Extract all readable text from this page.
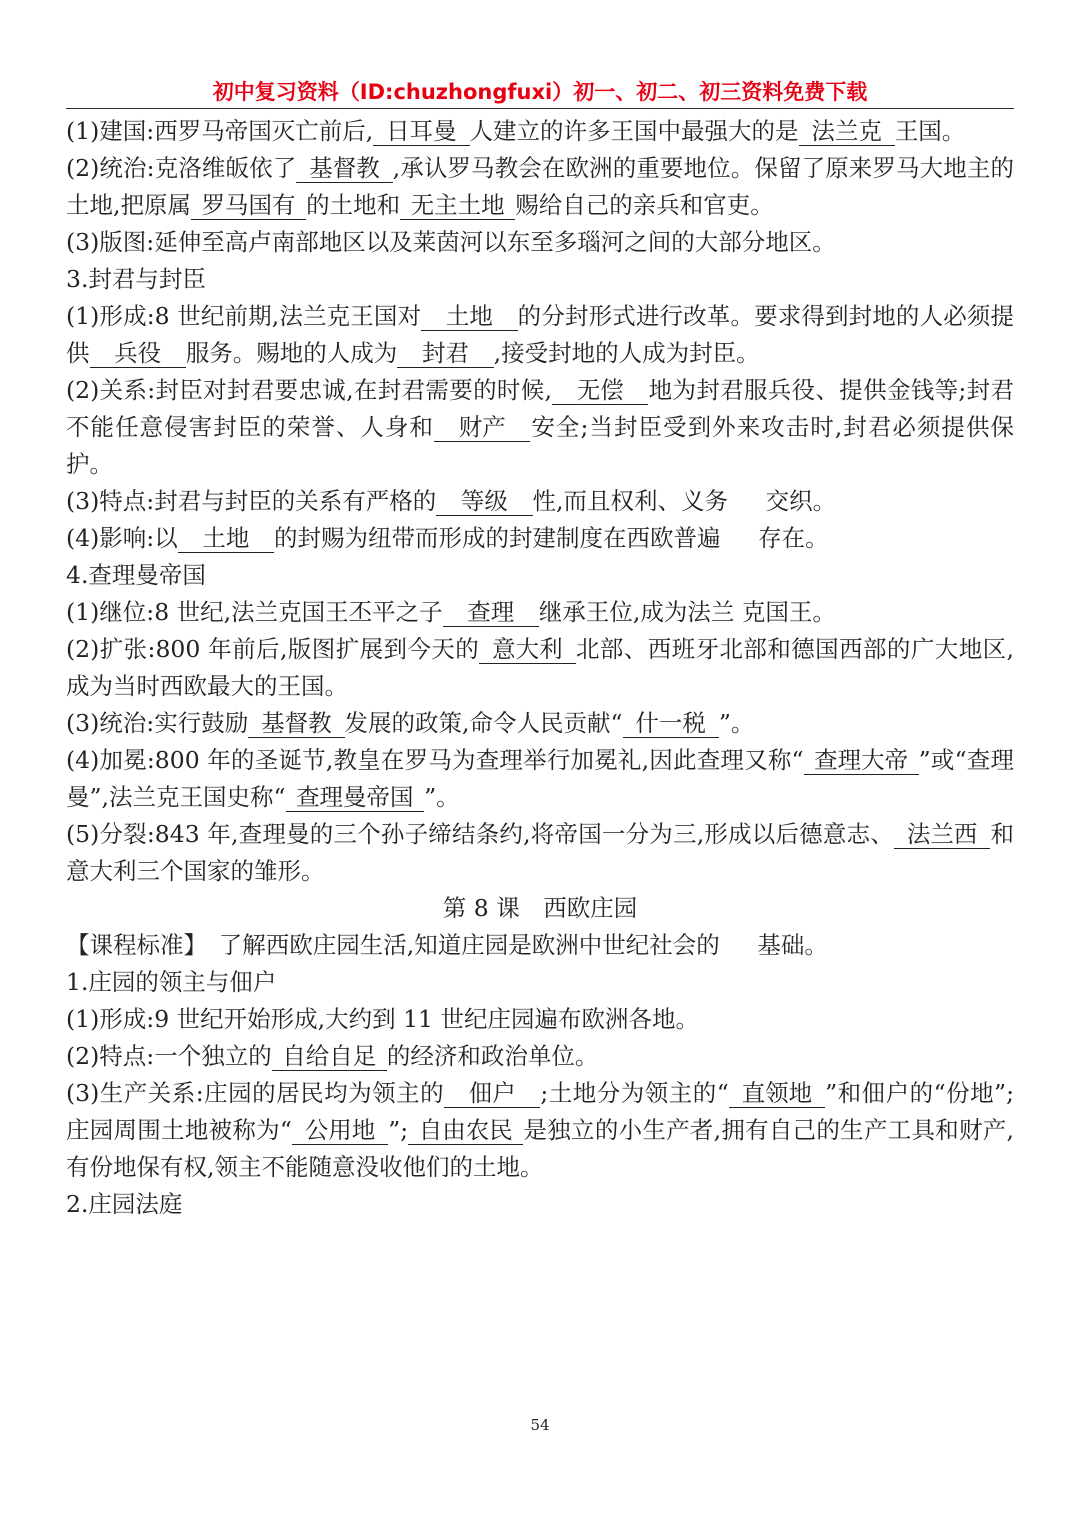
初中复习资料（ID:chuzhongfuxi）初一、初二、初三资料免费下载

(1)建国:西罗马帝国灭亡前后, 日耳曼 人建立的许多王国中最强大的是 法兰克 王国。

(2)统治:克洛维皈依了 基督教 ,承认罗马教会在欧洲的重要地位。保留了原来罗马大地主的土地,把原属 罗马国有 的土地和 无主土地 赐给自己的亲兵和官吏。

(3)版图:延伸至高卢南部地区以及莱茵河以东至多瑙河之间的大部分地区。

3.封君与封臣

(1)形成:8 世纪前期,法兰克王国对 土地 的分封形式进行改革。要求得到封地的人必须提供 兵役 服务。赐地的人成为 封君 ,接受封地的人成为封臣。

(2)关系:封臣对封君要忠诚,在封君需要的时候, 无偿 地为封君服兵役、提供金钱等;封君不能任意侵害封臣的荣誉、人身和 财产 安全;当封臣受到外来攻击时,封君必须提供保护。

(3)特点:封君与封臣的关系有严格的 等级 性,而且权利、义务 交织。

(4)影响:以 土地 的封赐为纽带而形成的封建制度在西欧普遍 存在。

4.查理曼帝国

(1)继位:8 世纪,法兰克国王丕平之子 查理 继承王位,成为法兰 克国王。

(2)扩张:800 年前后,版图扩展到今天的 意大利 北部、西班牙北部和德国西部的广大地区,成为当时西欧最大的王国。

(3)统治:实行鼓励 基督教 发展的政策,命令人民贡献“ 什一税 ”。

(4)加冕:800 年的圣诞节,教皇在罗马为查理举行加冕礼,因此查理又称“ 查理大帝 ”或“查理曼”,法兰克王国史称“ 查理曼帝国 ”。

(5)分裂:843 年,查理曼的三个孙子缔结条约,将帝国一分为三,形成以后德意志、 法兰西 和意大利三个国家的雏形。

第 8 课　西欧庄园

【课程标准】　了解西欧庄园生活,知道庄园是欧洲中世纪社会的 基础。

1.庄园的领主与佃户

(1)形成:9 世纪开始形成,大约到 11 世纪庄园遍布欧洲各地。

(2)特点:一个独立的 自给自足 的经济和政治单位。

(3)生产关系:庄园的居民均为领主的 佃户 ;土地分为领主的“ 直领地 ”和佃户的“份地”;庄园周围土地被称为“ 公用地 ”; 自由农民 是独立的小生产者,拥有自己的生产工具和财产,有份地保有权,领主不能随意没收他们的土地。

2.庄园法庭

54
